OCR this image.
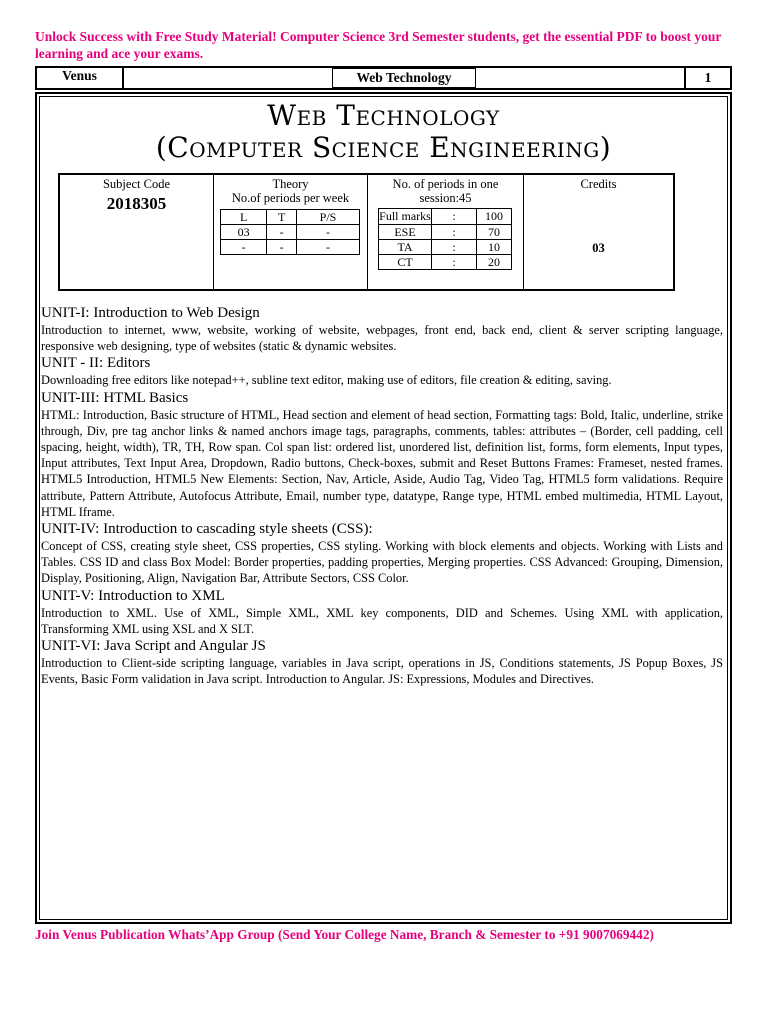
Unlock Success with Free Study Material! Computer Science 3rd Semester students, get the essential PDF to boost your learning and ace your exams.
Venus	Web Technology	1
Web Technology
(Computer Science Engineering)
Subject Code
2018305
Theory
No.of periods per week
L	T	P/S
03	-	-
-	-	-
No. of periods in one session:45
Full marks	:	100
ESE	:	70
TA	:	10
CT	:	20
Credits
03
UNIT-I: Introduction to Web Design
Introduction to internet, www, website, working of website, webpages, front end, back end, client & server scripting language, responsive web designing, type of websites (static & dynamic websites.
UNIT - II: Editors
Downloading free editors like notepad++, subline text editor, making use of editors, file creation & editing, saving.
UNIT-III: HTML Basics
HTML: Introduction, Basic structure of HTML, Head section and element of head section, Formatting tags: Bold, Italic, underline, strike through, Div, pre tag anchor links & named anchors image tags, paragraphs, comments, tables: attributes – (Border, cell padding, cell spacing, height, width), TR, TH, Row span. Col span list: ordered list, unordered list, definition list, forms, form elements, Input types, Input attributes, Text Input Area, Dropdown, Radio buttons, Check-boxes, submit and Reset Buttons Frames: Frameset, nested frames. HTML5 Introduction, HTML5 New Elements: Section, Nav, Article, Aside, Audio Tag, Video Tag, HTML5 form validations. Require attribute, Pattern Attribute, Autofocus Attribute, Email, number type, datatype, Range type, HTML embed multimedia, HTML Layout, HTML Iframe.
UNIT-IV: Introduction to cascading style sheets (CSS):
Concept of CSS, creating style sheet, CSS properties, CSS styling. Working with block elements and objects. Working with Lists and Tables. CSS ID and class Box Model: Border properties, padding properties, Merging properties. CSS Advanced: Grouping, Dimension, Display, Positioning, Align, Navigation Bar, Attribute Sectors, CSS Color.
UNIT-V: Introduction to XML
Introduction to XML. Use of XML, Simple XML, XML key components, DID and Schemes. Using XML with application, Transforming XML using XSL and X SLT.
UNIT-VI: Java Script and Angular JS
Introduction to Client-side scripting language, variables in Java script, operations in JS, Conditions statements, JS Popup Boxes, JS Events, Basic Form validation in Java script. Introduction to Angular. JS: Expressions, Modules and Directives.
Join Venus Publication Whats’App Group (Send Your College Name, Branch & Semester to +91 9007069442)
